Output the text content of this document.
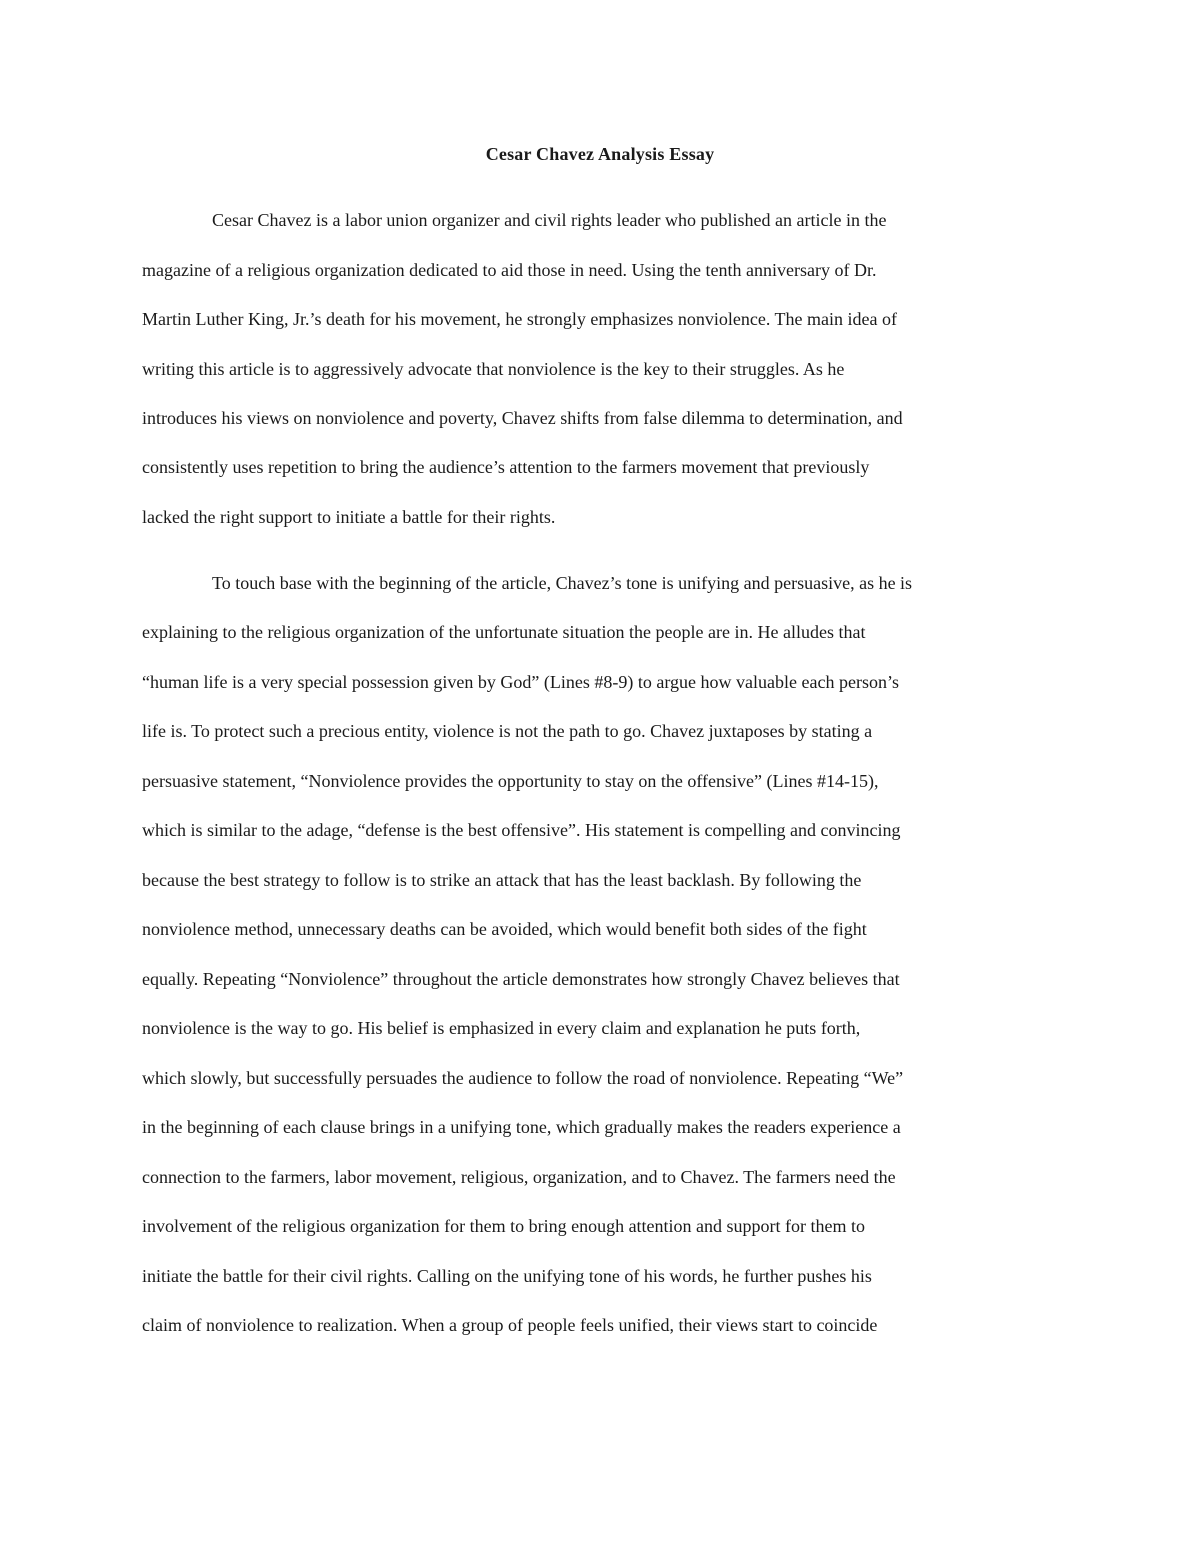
Cesar Chavez Analysis Essay
Cesar Chavez is a labor union organizer and civil rights leader who published an article in the
magazine of a religious organization dedicated to aid those in need. Using the tenth anniversary of Dr.
Martin Luther King, Jr.’s death for his movement, he strongly emphasizes nonviolence. The main idea of
writing this article is to aggressively advocate that nonviolence is the key to their struggles. As he
introduces his views on nonviolence and poverty, Chavez shifts from false dilemma to determination, and
consistently uses repetition to bring the audience’s attention to the farmers movement that previously
lacked the right support to initiate a battle for their rights.
To touch base with the beginning of the article, Chavez’s tone is unifying and persuasive, as he is
explaining to the religious organization of the unfortunate situation the people are in. He alludes that
“human life is a very special possession given by God” (Lines #8-9) to argue how valuable each person’s
life is. To protect such a precious entity, violence is not the path to go. Chavez juxtaposes by stating a
persuasive statement, “Nonviolence provides the opportunity to stay on the offensive” (Lines #14-15),
which is similar to the adage, “defense is the best offensive”. His statement is compelling and convincing
because the best strategy to follow is to strike an attack that has the least backlash. By following the
nonviolence method, unnecessary deaths can be avoided, which would benefit both sides of the fight
equally. Repeating “Nonviolence” throughout the article demonstrates how strongly Chavez believes that
nonviolence is the way to go. His belief is emphasized in every claim and explanation he puts forth,
which slowly, but successfully persuades the audience to follow the road of nonviolence. Repeating “We”
in the beginning of each clause brings in a unifying tone, which gradually makes the readers experience a
connection to the farmers, labor movement, religious, organization, and to Chavez. The farmers need the
involvement of the religious organization for them to bring enough attention and support for them to
initiate the battle for their civil rights. Calling on the unifying tone of his words, he further pushes his
claim of nonviolence to realization. When a group of people feels unified, their views start to coincide
